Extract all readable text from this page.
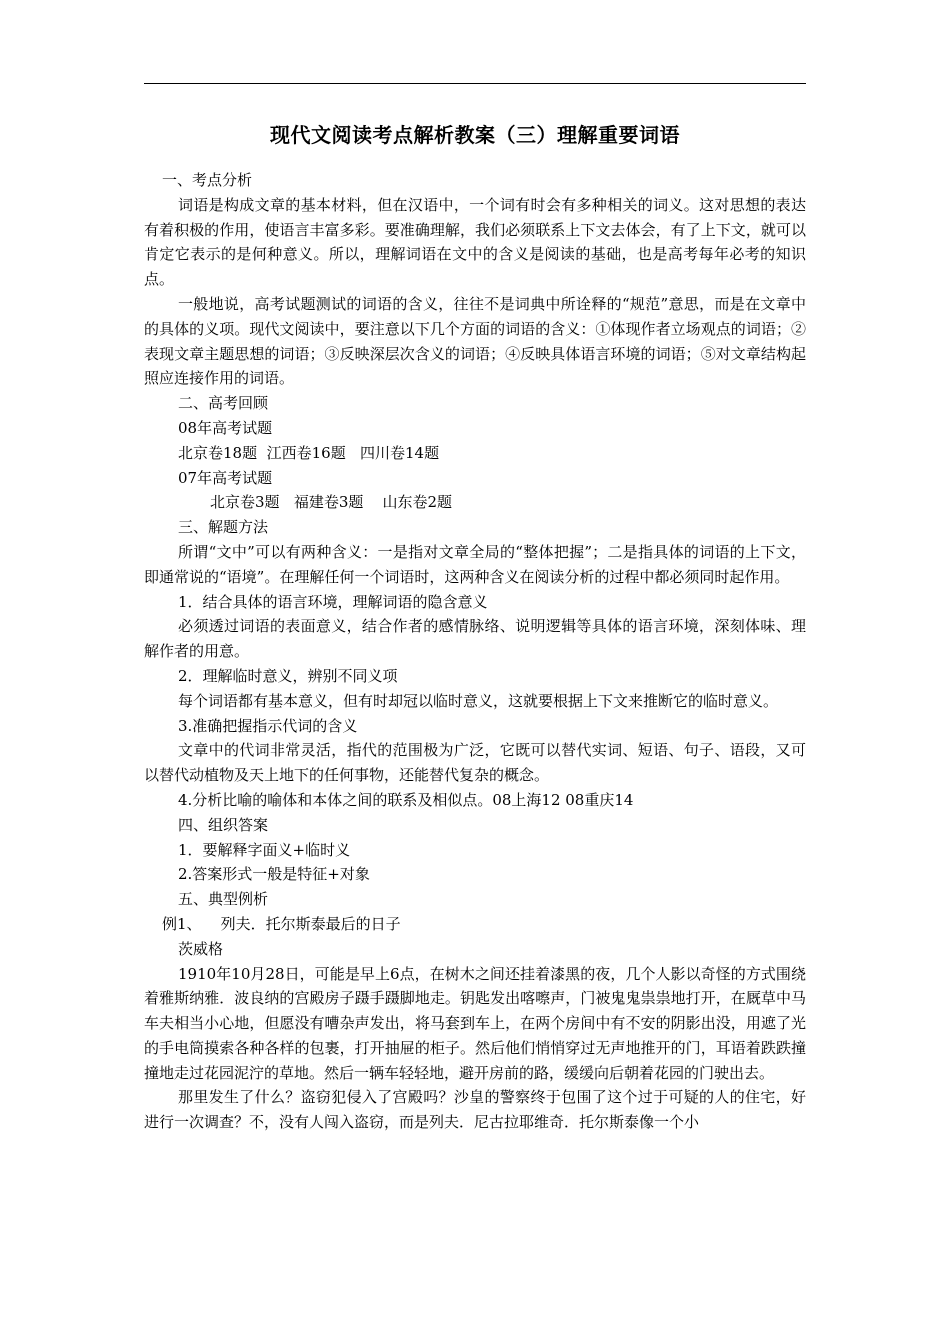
现代文阅读考点解析教案（三）理解重要词语

一、考点分析

词语是构成文章的基本材料，但在汉语中，一个词有时会有多种相关的词义。这对思想的表达有着积极的作用，使语言丰富多彩。要准确理解，我们必须联系上下文去体会，有了上下文，就可以肯定它表示的是何种意义。所以，理解词语在文中的含义是阅读的基础，也是高考每年必考的知识点。

一般地说，高考试题测试的词语的含义，往往不是词典中所诠释的“规范”意思，而是在文章中的具体的义项。现代文阅读中，要注意以下几个方面的词语的含义：①体现作者立场观点的词语；②表现文章主题思想的词语；③反映深层次含义的词语；④反映具体语言环境的词语；⑤对文章结构起照应连接作用的词语。

二、高考回顾

08年高考试题

北京卷18题  江西卷16题   四川卷14题

07年高考试题

北京卷3题   福建卷3题    山东卷2题

三、解题方法

所谓“文中”可以有两种含义：一是指对文章全局的“整体把握”；二是指具体的词语的上下文，即通常说的“语境”。在理解任何一个词语时，这两种含义在阅读分析的过程中都必须同时起作用。

1．结合具体的语言环境，理解词语的隐含意义

必须透过词语的表面意义，结合作者的感情脉络、说明逻辑等具体的语言环境，深刻体味、理解作者的用意。

2．理解临时意义，辨别不同义项

每个词语都有基本意义，但有时却冠以临时意义，这就要根据上下文来推断它的临时意义。

3.准确把握指示代词的含义

文章中的代词非常灵活，指代的范围极为广泛，它既可以替代实词、短语、句子、语段，又可以替代动植物及天上地下的任何事物，还能替代复杂的概念。

4.分析比喻的喻体和本体之间的联系及相似点。08上海12 08重庆14

四、组织答案

1．要解释字面义+临时义

2.答案形式一般是特征+对象

五、典型例析

例1、    列夫．托尔斯泰最后的日子

茨威格

1910年10月28日，可能是早上6点，在树木之间还挂着漆黑的夜，几个人影以奇怪的方式围绕着雅斯纳雅．波良纳的宫殿房子蹑手蹑脚地走。钥匙发出喀嚓声，门被鬼鬼祟祟地打开，在厩草中马车夫相当小心地，但愿没有嘈杂声发出，将马套到车上，在两个房间中有不安的阴影出没，用遮了光的手电筒摸索各种各样的包裹，打开抽屉的柜子。然后他们悄悄穿过无声地推开的门，耳语着跌跌撞撞地走过花园泥泞的草地。然后一辆车轻轻地，避开房前的路，缓缓向后朝着花园的门驶出去。

那里发生了什么？盗窃犯侵入了宫殿吗？沙皇的警察终于包围了这个过于可疑的人的住宅，好进行一次调查？不，没有人闯入盗窃，而是列夫．尼古拉耶维奇．托尔斯泰像一个小
